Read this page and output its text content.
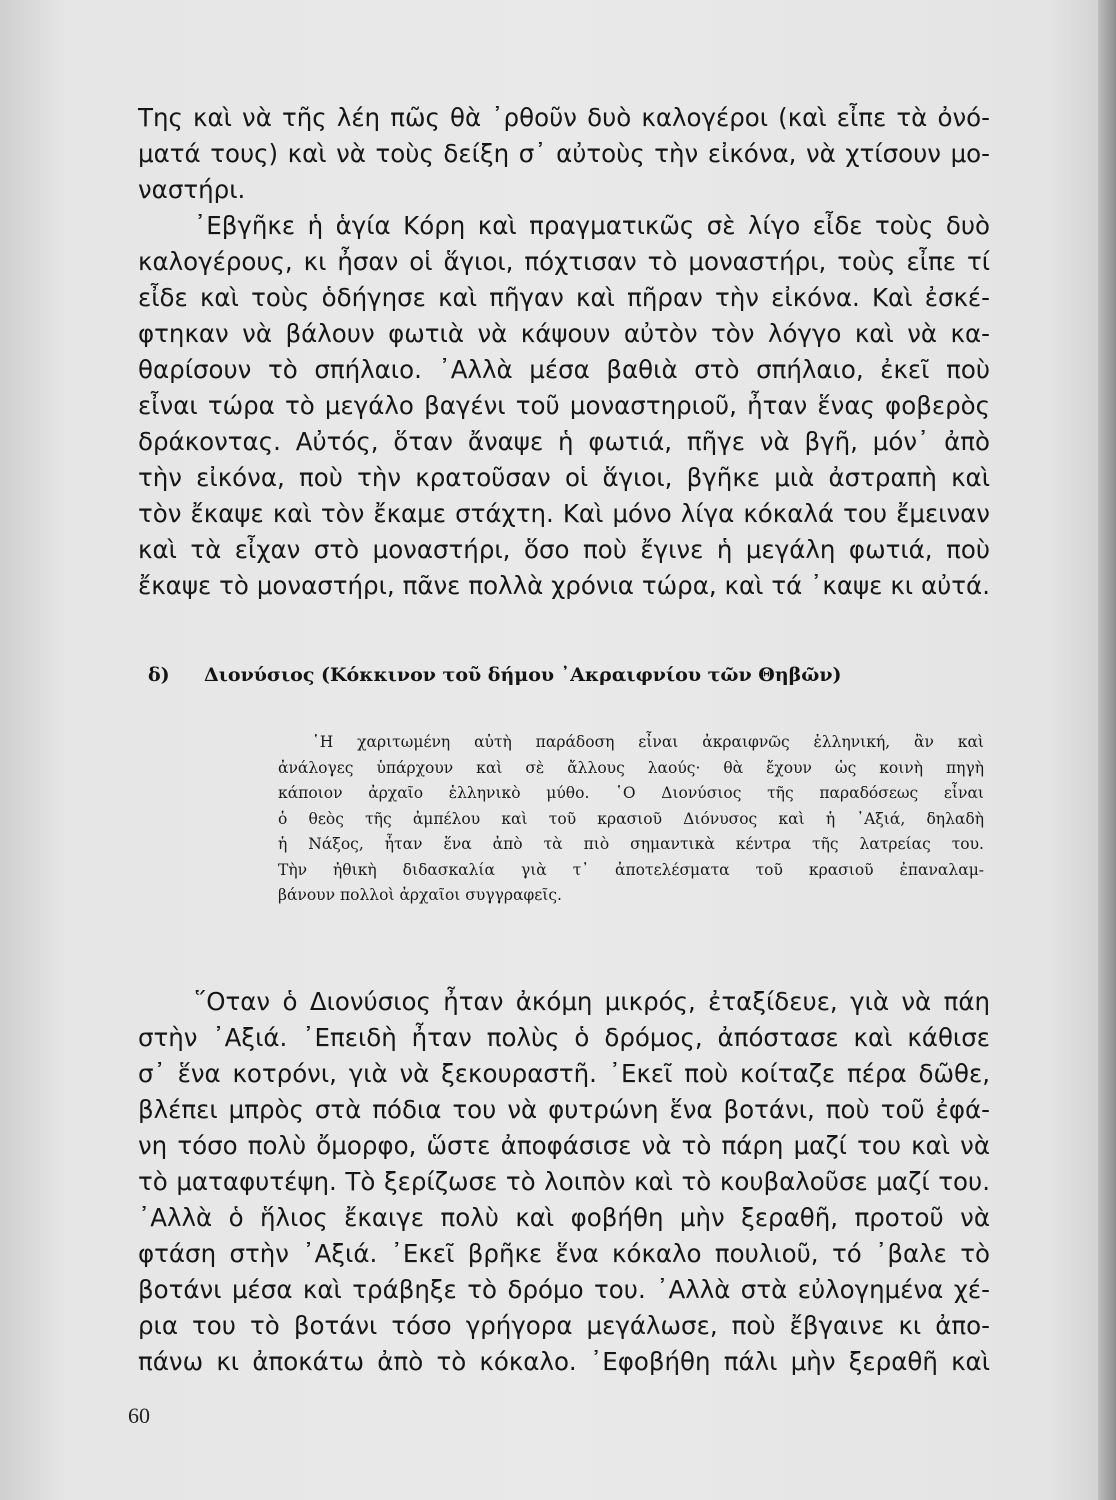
Της καὶ νὰ τῆς λέη πῶς θὰ ᾿ρθοῦν δυὸ καλογέροι (καὶ εἶπε τὰ ὀνό-
ματά τους) καὶ νὰ τοὺς δείξη σ᾿ αὐτοὺς τὴν εἰκόνα, νὰ χτίσουν μο-
ναστήρι.
᾿Εβγῆκε ἡ ἁγία Κόρη καὶ πραγματικῶς σὲ λίγο εἶδε τοὺς δυὸ
καλογέρους, κι ἦσαν οἱ ἅγιοι, πόχτισαν τὸ μοναστήρι, τοὺς εἶπε τί
εἶδε καὶ τοὺς ὁδήγησε καὶ πῆγαν καὶ πῆραν τὴν εἰκόνα. Καὶ ἐσκέ-
φτηκαν νὰ βάλουν φωτιὰ νὰ κάψουν αὐτὸν τὸν λόγγο καὶ νὰ κα-
θαρίσουν τὸ σπήλαιο. ᾿Αλλὰ μέσα βαθιὰ στὸ σπήλαιο, ἐκεῖ ποὺ
εἶναι τώρα τὸ μεγάλο βαγένι τοῦ μοναστηριοῦ, ἦταν ἕνας φοβερὸς
δράκοντας. Αὐτός, ὅταν ἄναψε ἡ φωτιά, πῆγε νὰ βγῆ, μόν᾿ ἀπὸ
τὴν εἰκόνα, ποὺ τὴν κρατοῦσαν οἱ ἅγιοι, βγῆκε μιὰ ἀστραπὴ καὶ
τὸν ἔκαψε καὶ τὸν ἔκαμε στάχτη. Καὶ μόνο λίγα κόκαλά του ἔμειναν
καὶ τὰ εἶχαν στὸ μοναστήρι, ὅσο ποὺ ἔγινε ἡ μεγάλη φωτιά, ποὺ
ἔκαψε τὸ μοναστήρι, πᾶνε πολλὰ χρόνια τώρα, καὶ τά ᾿καψε κι αὐτά.
δ) Διονύσιος (Κόκκινον τοῦ δήμου ᾿Ακραιφνίου τῶν Θηβῶν)
῾Η χαριτωμένη αὐτὴ παράδοση εἶναι ἀκραιφνῶς ἑλληνική, ἂν καὶ
ἀνάλογες ὑπάρχουν καὶ σὲ ἄλλους λαούς· θὰ ἔχουν ὡς κοινὴ πηγὴ
κάποιον ἀρχαῖο ἑλληνικὸ μύθο. ῾Ο Διονύσιος τῆς παραδόσεως εἶναι
ὁ θεὸς τῆς ἀμπέλου καὶ τοῦ κρασιοῦ Διόνυσος καὶ ἡ ᾿Αξιά, δηλαδὴ
ἡ Νάξος, ἦταν ἕνα ἀπὸ τὰ πιὸ σημαντικὰ κέντρα τῆς λατρείας του.
Τὴν ἠθικὴ διδασκαλία γιὰ τ᾿ ἀποτελέσματα τοῦ κρασιοῦ ἐπαναλαμ-
βάνουν πολλοὶ ἀρχαῖοι συγγραφεῖς.
῞Οταν ὁ Διονύσιος ἦταν ἀκόμη μικρός, ἐταξίδευε, γιὰ νὰ πάη
στὴν ᾿Αξιά. ᾿Επειδὴ ἦταν πολὺς ὁ δρόμος, ἀπόστασε καὶ κάθισε
σ᾿ ἕνα κοτρόνι, γιὰ νὰ ξεκουραστῆ. ᾿Εκεῖ ποὺ κοίταζε πέρα δῶθε,
βλέπει μπρὸς στὰ πόδια του νὰ φυτρώνη ἕνα βοτάνι, ποὺ τοῦ ἐφά-
νη τόσο πολὺ ὄμορφο, ὥστε ἀποφάσισε νὰ τὸ πάρη μαζί του καὶ νὰ
τὸ ματαφυτέψη. Τὸ ξερίζωσε τὸ λοιπὸν καὶ τὸ κουβαλοῦσε μαζί του.
᾿Αλλὰ ὁ ἥλιος ἔκαιγε πολὺ καὶ φοβήθη μὴν ξεραθῆ, προτοῦ νὰ
φτάση στὴν ᾿Αξιά. ᾿Εκεῖ βρῆκε ἕνα κόκαλο πουλιοῦ, τό ᾿βαλε τὸ
βοτάνι μέσα καὶ τράβηξε τὸ δρόμο του. ᾿Αλλὰ στὰ εὐλογημένα χέ-
ρια του τὸ βοτάνι τόσο γρήγορα μεγάλωσε, ποὺ ἔβγαινε κι ἀπο-
πάνω κι ἀποκάτω ἀπὸ τὸ κόκαλο. ᾿Εφοβήθη πάλι μὴν ξεραθῆ καὶ
60
